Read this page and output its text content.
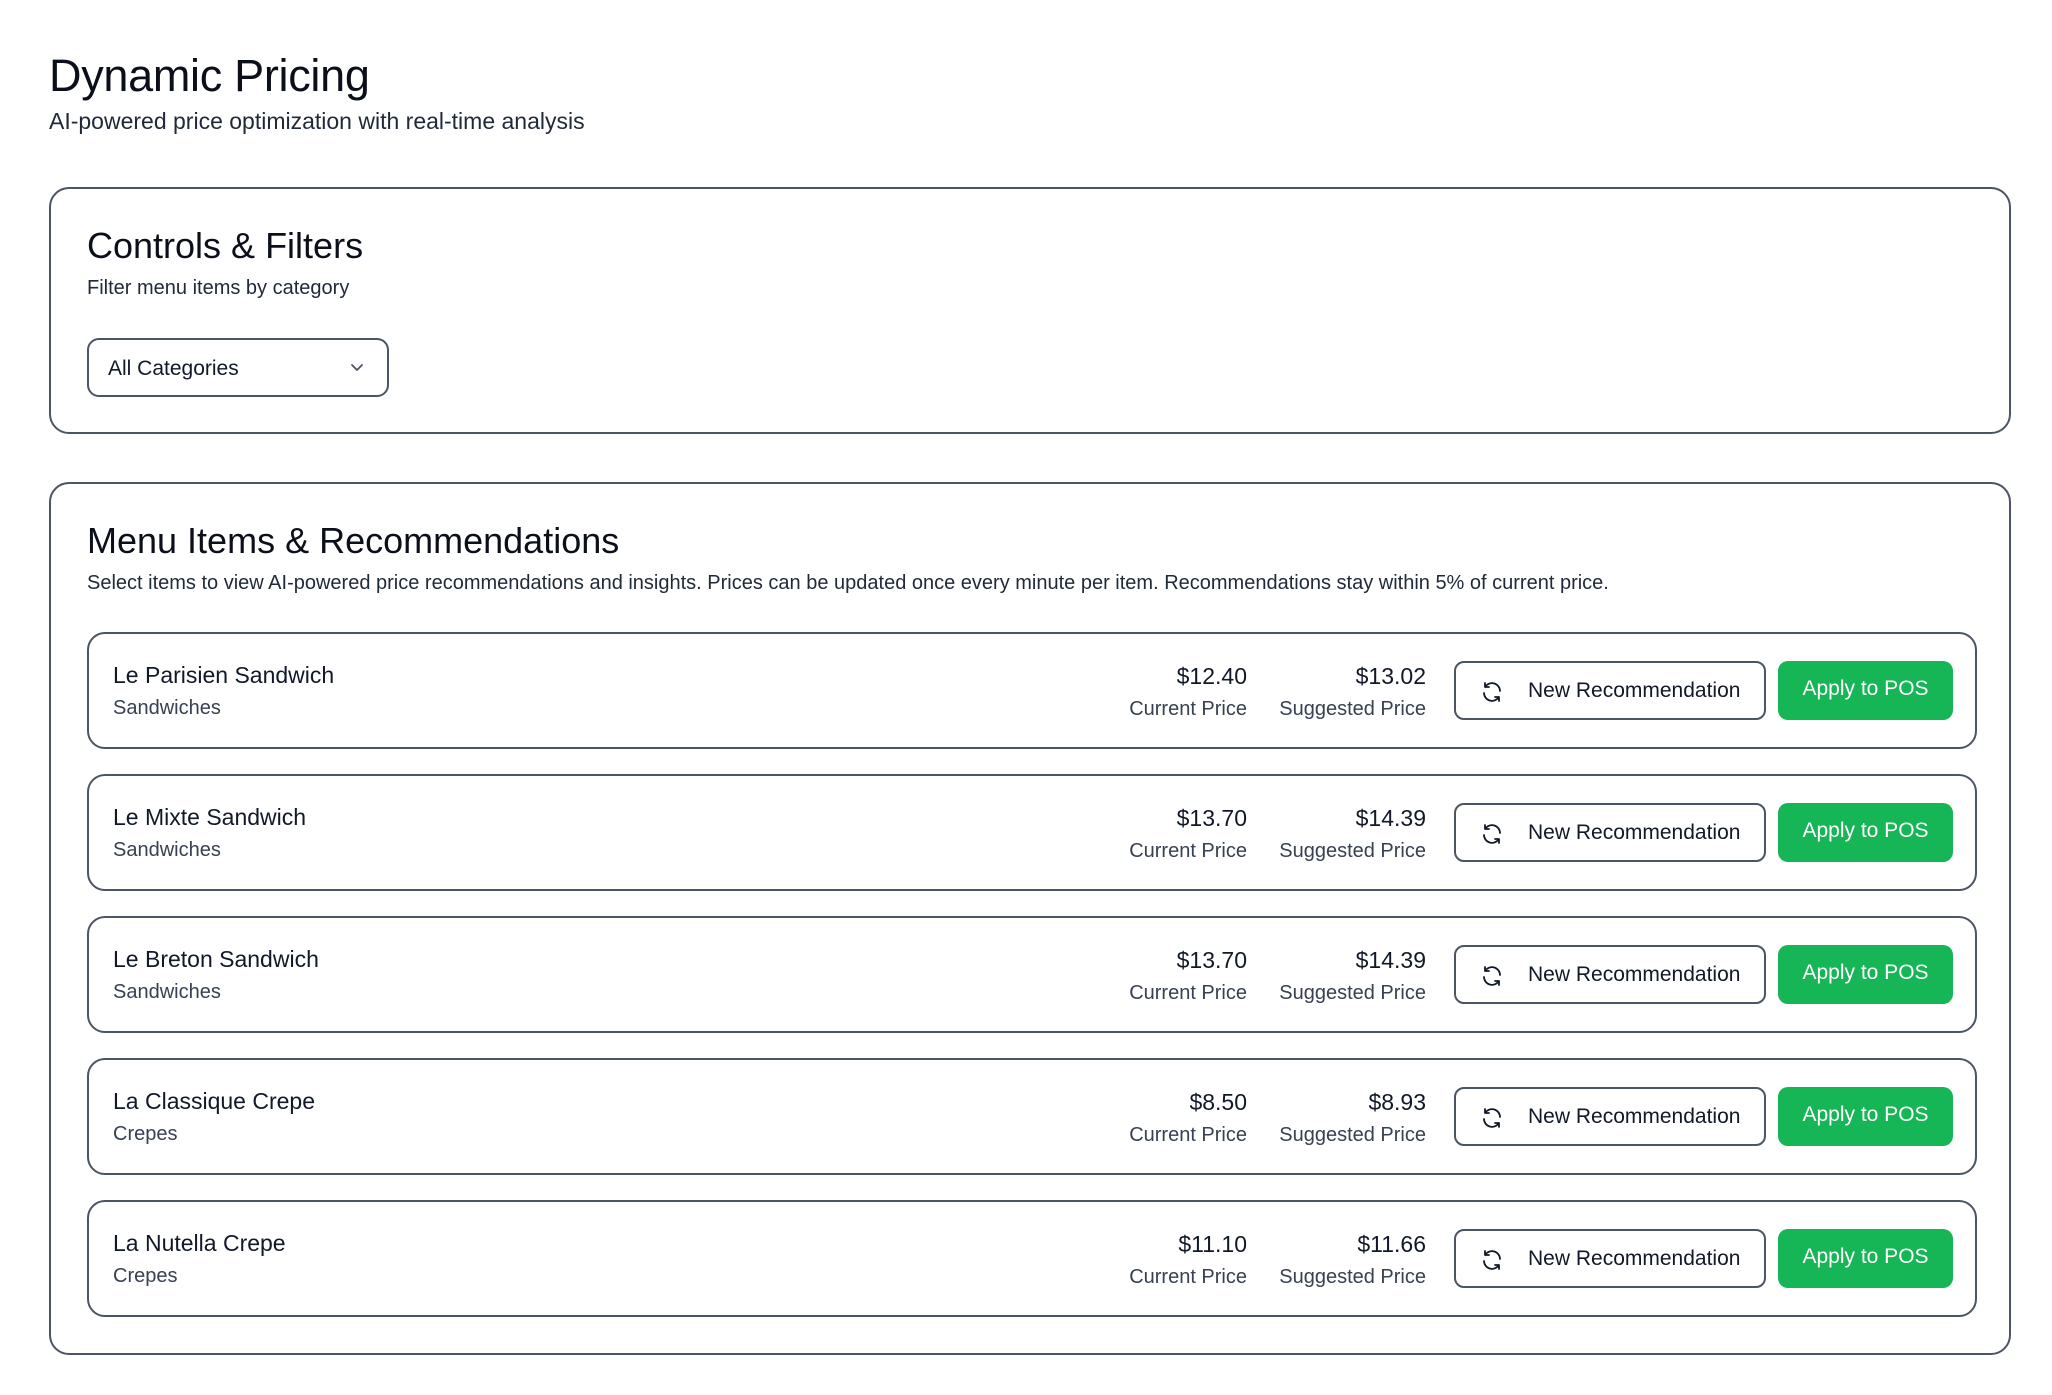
Dynamic Pricing
AI-powered price optimization with real-time analysis
Controls & Filters
Filter menu items by category
All Categories
Menu Items & Recommendations
Select items to view AI-powered price recommendations and insights. Prices can be updated once every minute per item. Recommendations stay within 5% of current price.
Le Parisien Sandwich
Sandwiches
$12.40
Current Price
$13.02
Suggested Price
New Recommendation	Apply to POS
Le Mixte Sandwich
Sandwiches
$13.70
Current Price
$14.39
Suggested Price
New Recommendation	Apply to POS
Le Breton Sandwich
Sandwiches
$13.70
Current Price
$14.39
Suggested Price
New Recommendation	Apply to POS
La Classique Crepe
Crepes
$8.50
Current Price
$8.93
Suggested Price
New Recommendation	Apply to POS
La Nutella Crepe
Crepes
$11.10
Current Price
$11.66
Suggested Price
New Recommendation	Apply to POS
